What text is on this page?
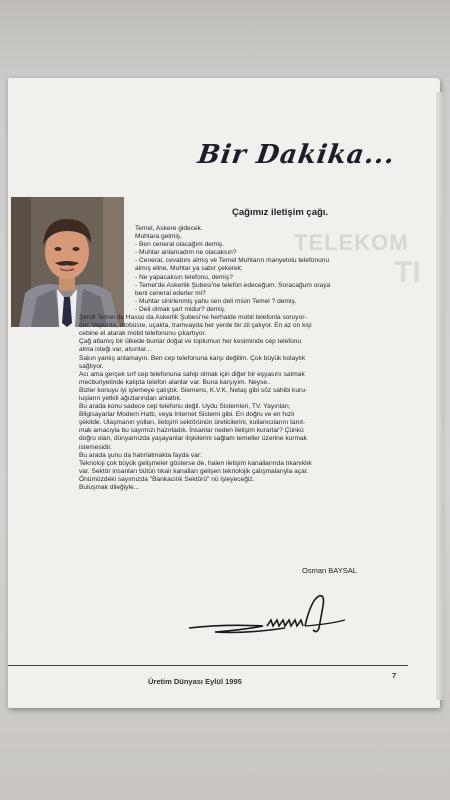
Bir Dakika...
TELEKOM
TI
Çağımız iletişim çağı.
Temel, Askere gidecek.
Muhtara gelmiş,
- Ben ceneral olacağım demiş.
- Muhtar anlamadım ne olacaksın?
- Ceneral, cevabını almış ve Temel Muhtarın manyetolu telefonunu
almış eline, Muhtar ya sabır çekerek;
- Ne yapacaksın telefonu, demiş?
- Temel'de Askerlik Şubesi'ne telefon edeceğum. Soracağum oraya
beni ceneral ederler mi?
- Muhtar sinirlenmiş yahu sen deli misin Temel ? demiş.
- Deli olmak şart midur? demiş.
Şimdi Temel de Hasso da Askerlik Şubesi'ne herhalde mobil telefonla soruyor-
dur. Vapurda, otobüste, uçakta, tramvayda her yerde bir zil çalıyor. En az on kişi
cebine el atarak mobil telefonunu çıkartıyor.
Çağ atlamış bir ülkede bunlar doğal ve toplumun her kesiminde cep telefonu
alma isteği var, alsınlar...
Sakın yanlış anlamayın. Ben cep telefonuna karşı değilim. Çok büyük kolaylık
sağlıyor.
Acı ama gerçek sırf cep telefonuna sahip olmak için diğer bir eşyasını satmak
mecburiyetinde kalıpta telefon alanlar var. Buna karşıyım. Neyse..
Bizler konuyu iyi işlemeye çalıştık. Siemens, K.V.K, Netaş gibi söz sahibi kuru-
luşların yetkili ağızlarından anlattık.
Bu arada konu sadece cep telefonu değil. Uydu Sistemleri, TV. Yayınları,
Bilgisayarlar Modern Hattı, veya Internet Sistemi gibi. En doğru ve en hızlı
şekilde. Ulaşmanın yolları, iletişim sektörünün üreticilerini, kullanıcılarını tanıt-
mak amacıyla bu sayımızı hazırladık. İnsanlar neden iletişim kurarlar? Çünkü
doğru olan, dünyamızda yaşayanlar ilişkilerini sağlam temeller üzerine kurmak
istemesidir.
Bu arada şunu da hatırlatmakta fayda var:
Teknoloji çok büyük gelişmeler gösterse de, halen iletişim kanallarında tıkanıklık
var. Sektör insanları bütün tıkalı kanalları gelişen teknolojik çalışmalarıyla açar.
Önümüzdeki sayımızda "Bankacılık Sektörü" nü işleyeceğiz.
Buluşmak dileğiyle...
Osman BAYSAL
Üretim Dünyası Eylül 1995
7
